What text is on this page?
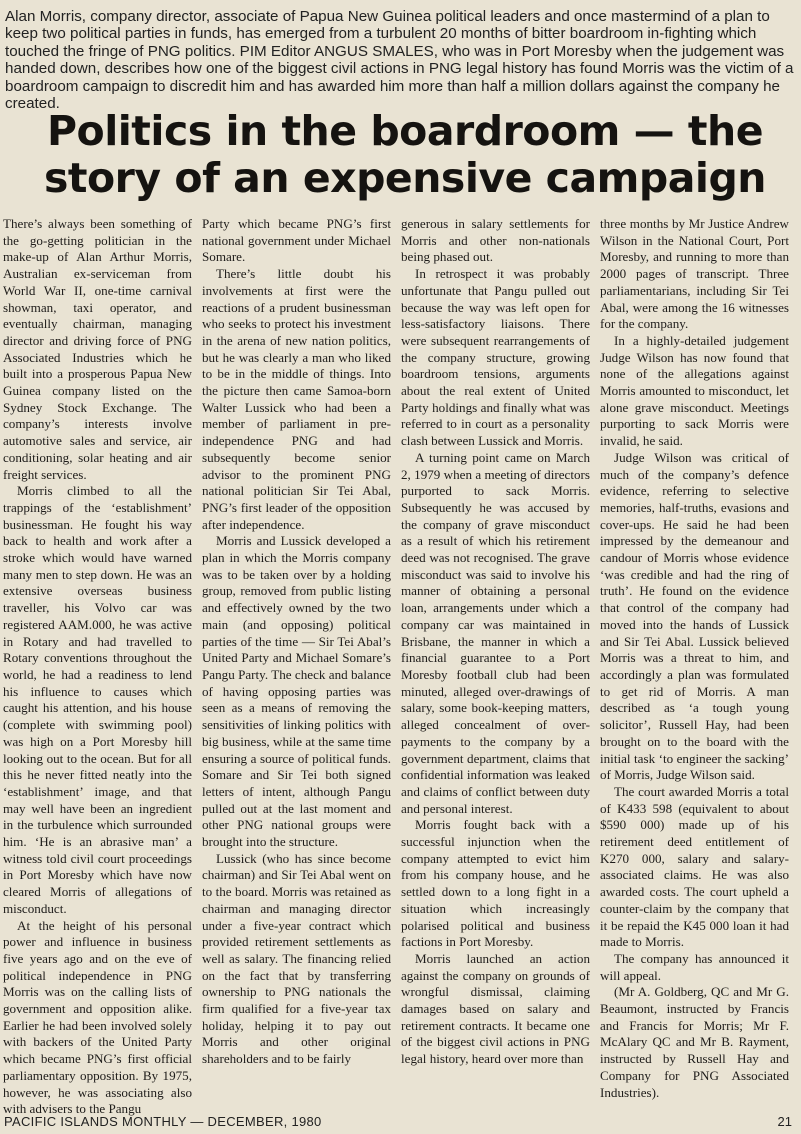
Alan Morris, company director, associate of Papua New Guinea political leaders and once mastermind of a plan to keep two political parties in funds, has emerged from a turbulent 20 months of bitter boardroom in-fighting which touched the fringe of PNG politics. PIM Editor ANGUS SMALES, who was in Port Moresby when the judgement was handed down, describes how one of the biggest civil actions in PNG legal history has found Morris was the victim of a boardroom campaign to discredit him and has awarded him more than half a million dollars against the company he created.
Politics in the boardroom — the
story of an expensive campaign

There’s always been something of the go-getting politician in the make-up of Alan Arthur Morris, Australian ex-serviceman from World War II, one-time carnival showman, taxi operator, and eventually chairman, managing director and driving force of PNG Associated Industries which he built into a prosperous Papua New Guinea company listed on the Sydney Stock Exchange. The company’s interests involve automotive sales and service, air conditioning, solar heating and air freight services.

Morris climbed to all the trappings of the ‘establishment’ businessman. He fought his way back to health and work after a stroke which would have warned many men to step down. He was an extensive overseas business traveller, his Volvo car was registered AAM.000, he was active in Rotary and had travelled to Rotary conventions throughout the world, he had a readiness to lend his influence to causes which caught his attention, and his house (complete with swimming pool) was high on a Port Moresby hill looking out to the ocean. But for all this he never fitted neatly into the ‘establishment’ image, and that may well have been an ingredient in the turbulence which surrounded him. ‘He is an abrasive man’ a witness told civil court proceedings in Port Moresby which have now cleared Morris of allegations of misconduct.

At the height of his personal power and influence in business five years ago and on the eve of political independence in PNG Morris was on the calling lists of government and opposition alike. Earlier he had been involved solely with backers of the United Party which became PNG’s first official parliamentary opposition. By 1975, however, he was associating also with advisers to the Pangu

Party which became PNG’s first national government under Michael Somare.

There’s little doubt his involvements at first were the reactions of a prudent businessman who seeks to protect his investment in the arena of new nation politics, but he was clearly a man who liked to be in the middle of things. Into the picture then came Samoa-born Walter Lussick who had been a member of parliament in pre-independence PNG and had subsequently become senior advisor to the prominent PNG national politician Sir Tei Abal, PNG’s first leader of the opposition after independence.

Morris and Lussick developed a plan in which the Morris company was to be taken over by a holding group, removed from public listing and effectively owned by the two main (and opposing) political parties of the time — Sir Tei Abal’s United Party and Michael Somare’s Pangu Party. The check and balance of having opposing parties was seen as a means of removing the sensitivities of linking politics with big business, while at the same time ensuring a source of political funds. Somare and Sir Tei both signed letters of intent, although Pangu pulled out at the last moment and other PNG national groups were brought into the structure.

Lussick (who has since become chairman) and Sir Tei Abal went on to the board. Morris was retained as chairman and managing director under a five-year contract which provided retirement settlements as well as salary. The financing relied on the fact that by transferring ownership to PNG nationals the firm qualified for a five-year tax holiday, helping it to pay out Morris and other original shareholders and to be fairly

generous in salary settlements for Morris and other non-nationals being phased out.

In retrospect it was probably unfortunate that Pangu pulled out because the way was left open for less-satisfactory liaisons. There were subsequent rearrangements of the company structure, growing boardroom tensions, arguments about the real extent of United Party holdings and finally what was referred to in court as a personality clash between Lussick and Morris.

A turning point came on March 2, 1979 when a meeting of directors purported to sack Morris. Subsequently he was accused by the company of grave misconduct as a result of which his retirement deed was not recognised. The grave misconduct was said to involve his manner of obtaining a personal loan, arrangements under which a company car was maintained in Brisbane, the manner in which a financial guarantee to a Port Moresby football club had been minuted, alleged over-drawings of salary, some book-keeping matters, alleged concealment of over-payments to the company by a government department, claims that confidential information was leaked and claims of conflict between duty and personal interest.

Morris fought back with a successful injunction when the company attempted to evict him from his company house, and he settled down to a long fight in a situation which increasingly polarised political and business factions in Port Moresby.

Morris launched an action against the company on grounds of wrongful dismissal, claiming damages based on salary and retirement contracts. It became one of the biggest civil actions in PNG legal history, heard over more than

three months by Mr Justice Andrew Wilson in the National Court, Port Moresby, and running to more than 2000 pages of transcript. Three parliamentarians, including Sir Tei Abal, were among the 16 witnesses for the company.

In a highly-detailed judgement Judge Wilson has now found that none of the allegations against Morris amounted to misconduct, let alone grave misconduct. Meetings purporting to sack Morris were invalid, he said.

Judge Wilson was critical of much of the company’s defence evidence, referring to selective memories, half-truths, evasions and cover-ups. He said he had been impressed by the demeanour and candour of Morris whose evidence ‘was credible and had the ring of truth’. He found on the evidence that control of the company had moved into the hands of Lussick and Sir Tei Abal. Lussick believed Morris was a threat to him, and accordingly a plan was formulated to get rid of Morris. A man described as ‘a tough young solicitor’, Russell Hay, had been brought on to the board with the initial task ‘to engineer the sacking’ of Morris, Judge Wilson said.

The court awarded Morris a total of K433 598 (equivalent to about $590 000) made up of his retirement deed entitlement of K270 000, salary and salary-associated claims. He was also awarded costs. The court upheld a counter-claim by the company that it be repaid the K45 000 loan it had made to Morris.

The company has announced it will appeal.

(Mr A. Goldberg, QC and Mr G. Beaumont, instructed by Francis and Francis for Morris; Mr F. McAlary QC and Mr B. Rayment, instructed by Russell Hay and Company for PNG Associated Industries).

PACIFIC ISLANDS MONTHLY — DECEMBER, 1980	21
